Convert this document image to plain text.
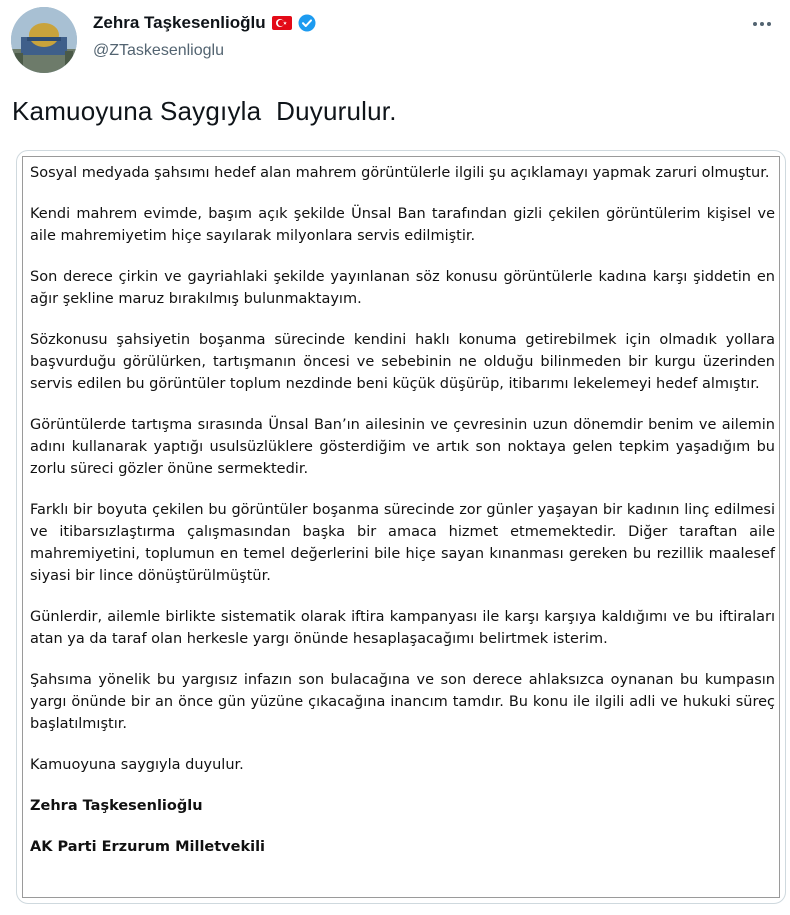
Zehra Taşkesenlioğlu
@ZTaskesenlioglu
Kamuoyuna Saygıyla  Duyurulur.

Sosyal medyada şahsımı hedef alan mahrem görüntülerle ilgili şu açıklamayı yapmak zaruri olmuştur.

Kendi mahrem evimde, başım açık şekilde Ünsal Ban tarafından gizli çekilen görüntülerim kişisel ve aile mahremiyetim hiçe sayılarak milyonlara servis edilmiştir.

Son derece çirkin ve gayriahlaki şekilde yayınlanan söz konusu görüntülerle kadına karşı şiddetin en ağır şekline maruz bırakılmış bulunmaktayım.

Sözkonusu şahsiyetin boşanma sürecinde kendini haklı konuma getirebilmek için olmadık yollara başvurduğu görülürken, tartışmanın öncesi ve sebebinin ne olduğu bilinmeden bir kurgu üzerinden servis edilen bu görüntüler toplum nezdinde beni küçük düşürüp, itibarımı lekelemeyi hedef almıştır.

Görüntülerde tartışma sırasında Ünsal Ban’ın ailesinin ve çevresinin uzun dönemdir benim ve ailemin adını kullanarak yaptığı usulsüzlüklere gösterdiğim ve artık son noktaya gelen tepkim yaşadığım bu zorlu süreci gözler önüne sermektedir.

Farklı bir boyuta çekilen bu görüntüler boşanma sürecinde zor günler yaşayan bir kadının linç edilmesi ve itibarsızlaştırma çalışmasından başka bir amaca hizmet etmemektedir. Diğer taraftan aile mahremiyetini, toplumun en temel değerlerini bile hiçe sayan kınanması gereken bu rezillik maalesef siyasi bir lince dönüştürülmüştür.

Günlerdir, ailemle birlikte sistematik olarak iftira kampanyası ile karşı karşıya kaldığımı ve bu iftiraları atan ya da taraf olan herkesle yargı önünde hesaplaşacağımı belirtmek isterim.

Şahsıma yönelik bu yargısız infazın son bulacağına ve son derece ahlaksızca oynanan bu kumpasın yargı önünde bir an önce gün yüzüne çıkacağına inancım tamdır. Bu konu ile ilgili adli ve hukuki süreç başlatılmıştır.

Kamuoyuna saygıyla duyulur.

Zehra Taşkesenlioğlu

AK Parti Erzurum Milletvekili
